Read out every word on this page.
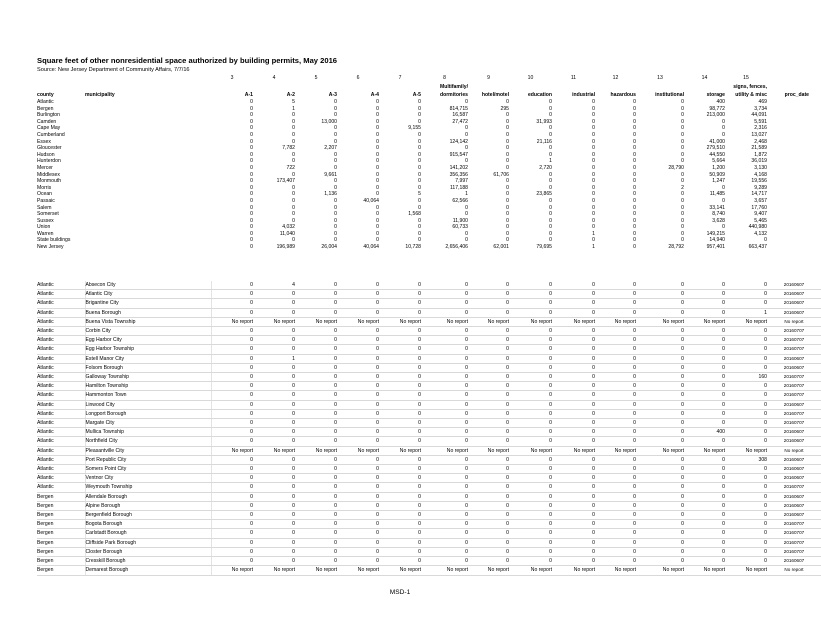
Square feet of other nonresidential space authorized by building permits, May 2016
Source: New Jersey Department of Community Affairs, 7/7/16
		3	4	5	6	7	8	9	10	11	12	13	14	15	
							Multifamily/							signs, fences,	
county	municipality	A-1	A-2	A-3	A-4	A-5	dormitories	hotel/motel	education	industrial	hazardous	institutional	storage	utility & misc	proc_date
Atlantic		0	5	0	0	0	0	0	0	0	0	0	400	469	
Bergen		0	1	0	0	0	814,715	295	0	0	0	0	98,772	3,734	
Burlington		0	0	0	0	0	16,587	0	0	0	0	0	213,000	44,091	
Camden		0	0	13,000	0	0	27,472	0	31,993	0	0	0	0	5,591	
Cape May		0	0	0	0	9,155	0	0	0	0	0	0	0	2,316	
Cumberland		0	0	0	0	0	0	0	0	0	0	0	0	13,027	
Essex		0	0	0	0	0	124,142	0	21,116	0	0	0	41,000	2,468	
Gloucester		0	7,782	2,207	0	0	0	0	0	0	0	0	279,510	21,589	
Hudson		0	0	0	0	0	915,547	0	0	0	0	0	44,550	1,872	
Hunterdon		0	0	0	0	0	0	0	1	0	0	0	5,664	36,019	
Mercer		0	722	0	0	0	141,202	0	2,720	0	0	28,790	1,200	3,130	
Middlesex		0	0	9,661	0	0	356,356	61,706	0	0	0	0	50,909	4,168	
Monmouth		0	173,407	0	0	0	7,997	0	0	0	0	0	1,247	19,556	
Morris		0	0	0	0	0	117,188	0	0	0	0	2	0	9,289	
Ocean		0	0	1,136	0	5	1	0	23,865	0	0	0	11,485	14,717	
Passaic		0	0	0	40,064	0	62,566	0	0	0	0	0	0	3,657	
Salem		0	0	0	0	0	0	0	0	0	0	0	33,141	17,760	
Somerset		0	0	0	0	1,568	0	0	0	0	0	0	8,740	9,407	
Sussex		0	0	0	0	0	11,900	0	0	0	0	0	3,628	5,465	
Union		0	4,032	0	0	0	60,733	0	0	0	0	0	0	440,980	
Warren		0	11,040	0	0	0	0	0	0	1	0	0	149,215	4,132	
State buildings		0	0	0	0	0	0	0	0	0	0	0	14,940	0	
New Jersey		0	196,989	26,004	40,064	10,728	2,656,406	62,001	79,695	1	0	28,792	957,401	663,437	
Atlantic	Absecon City	0	4	0	0	0	0	0	0	0	0	0	0	0	20160607
Atlantic	Atlantic City	0	0	0	0	0	0	0	0	0	0	0	0	0	20160607
Atlantic	Brigantine City	0	0	0	0	0	0	0	0	0	0	0	0	0	20160607
Atlantic	Buena Borough	0	0	0	0	0	0	0	0	0	0	0	0	1	20160607
Atlantic	Buena Vista Township	No report	No report	No report	No report	No report	No report	No report	No report	No report	No report	No report	No report	No report	No report
Atlantic	Corbin City	0	0	0	0	0	0	0	0	0	0	0	0	0	20160707
Atlantic	Egg Harbor City	0	0	0	0	0	0	0	0	0	0	0	0	0	20160707
Atlantic	Egg Harbor Township	0	0	0	0	0	0	0	0	0	0	0	0	0	20160707
Atlantic	Estell Manor City	0	1	0	0	0	0	0	0	0	0	0	0	0	20160607
Atlantic	Folsom Borough	0	0	0	0	0	0	0	0	0	0	0	0	0	20160607
Atlantic	Galloway Township	0	0	0	0	0	0	0	0	0	0	0	0	160	20160707
Atlantic	Hamilton Township	0	0	0	0	0	0	0	0	0	0	0	0	0	20160707
Atlantic	Hammonton Town	0	0	0	0	0	0	0	0	0	0	0	0	0	20160707
Atlantic	Linwood City	0	0	0	0	0	0	0	0	0	0	0	0	0	20160607
Atlantic	Longport Borough	0	0	0	0	0	0	0	0	0	0	0	0	0	20160707
Atlantic	Margate City	0	0	0	0	0	0	0	0	0	0	0	0	0	20160707
Atlantic	Mullica Township	0	0	0	0	0	0	0	0	0	0	0	400	0	20160607
Atlantic	Northfield City	0	0	0	0	0	0	0	0	0	0	0	0	0	20160607
Atlantic	Pleasantville City	No report	No report	No report	No report	No report	No report	No report	No report	No report	No report	No report	No report	No report	No report
Atlantic	Port Republic City	0	0	0	0	0	0	0	0	0	0	0	0	308	20160607
Atlantic	Somers Point City	0	0	0	0	0	0	0	0	0	0	0	0	0	20160607
Atlantic	Ventnor City	0	0	0	0	0	0	0	0	0	0	0	0	0	20160607
Atlantic	Weymouth Township	0	0	0	0	0	0	0	0	0	0	0	0	0	20160707
Bergen	Allendale Borough	0	0	0	0	0	0	0	0	0	0	0	0	0	20160607
Bergen	Alpine Borough	0	0	0	0	0	0	0	0	0	0	0	0	0	20160607
Bergen	Bergenfield Borough	0	0	0	0	0	0	0	0	0	0	0	0	0	20160607
Bergen	Bogota Borough	0	0	0	0	0	0	0	0	0	0	0	0	0	20160707
Bergen	Carlstadt Borough	0	0	0	0	0	0	0	0	0	0	0	0	0	20160707
Bergen	Cliffside Park Borough	0	0	0	0	0	0	0	0	0	0	0	0	0	20160707
Bergen	Closter Borough	0	0	0	0	0	0	0	0	0	0	0	0	0	20160707
Bergen	Cresskill Borough	0	0	0	0	0	0	0	0	0	0	0	0	0	20160607
Bergen	Demarest Borough	No report	No report	No report	No report	No report	No report	No report	No report	No report	No report	No report	No report	No report	No report
MSD-1
